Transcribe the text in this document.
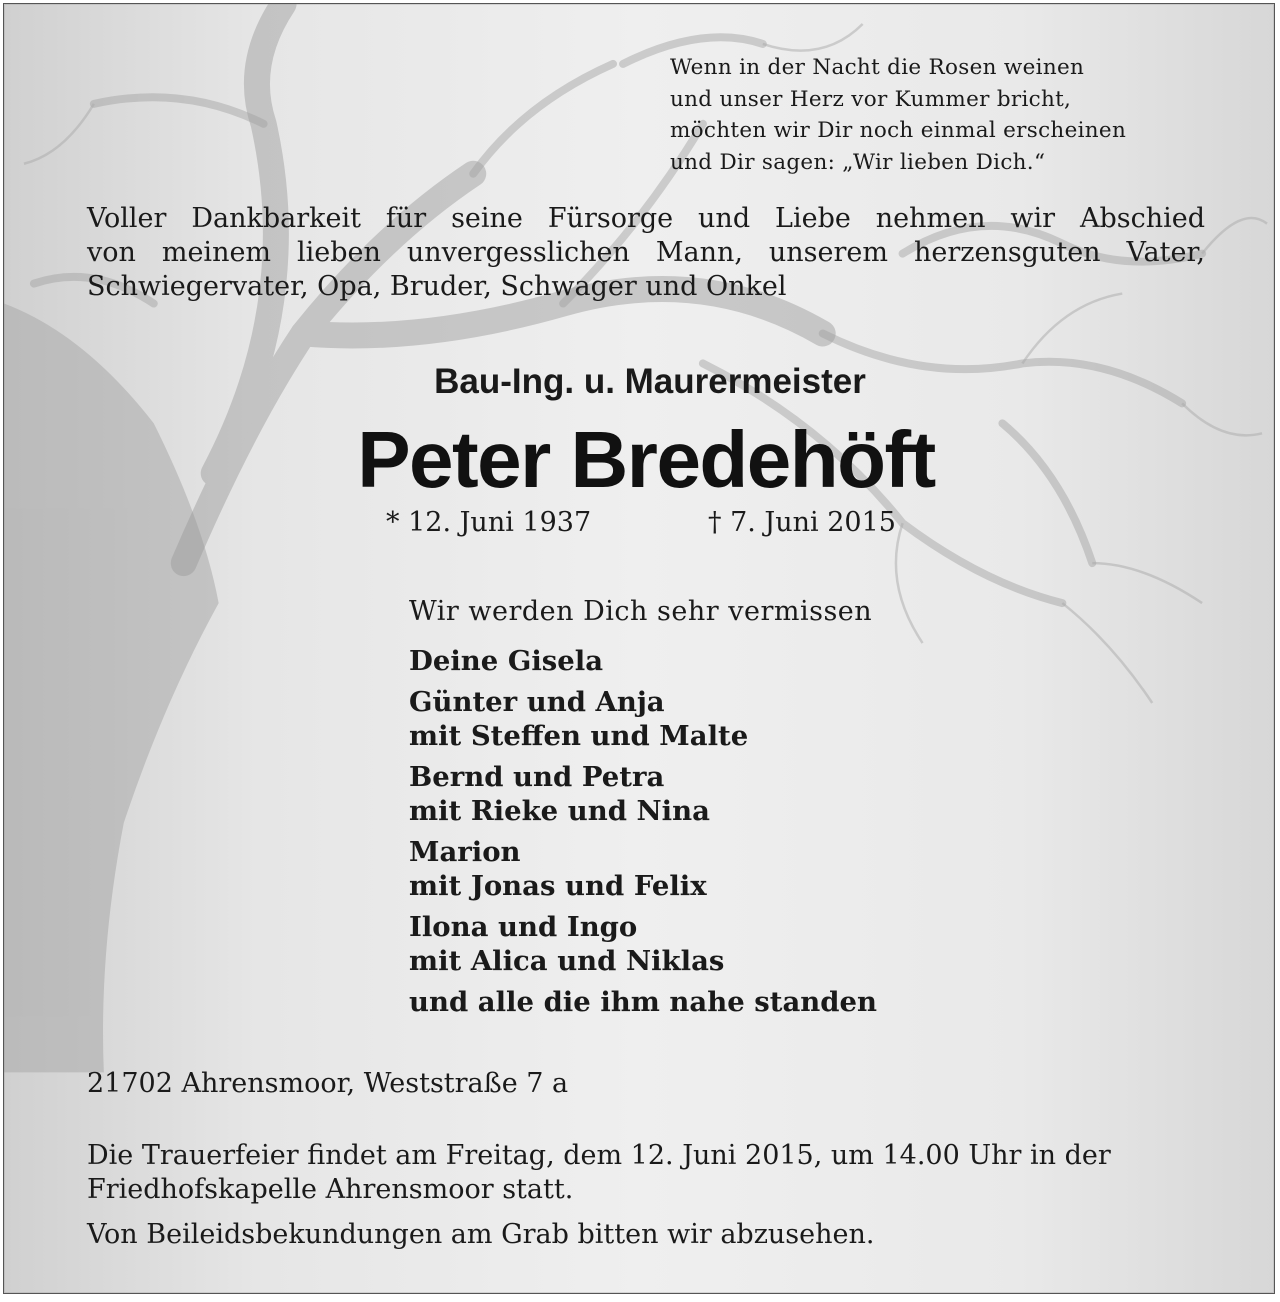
Wenn in der Nacht die Rosen weinen
und unser Herz vor Kummer bricht,
möchten wir Dir noch einmal erscheinen
und Dir sagen: „Wir lieben Dich.“
Voller Dankbarkeit für seine Fürsorge und Liebe nehmen wir Abschied
von meinem lieben unvergesslichen Mann, unserem herzensguten Vater,
Schwiegervater, Opa, Bruder, Schwager und Onkel
Bau-Ing. u. Maurermeister
Peter Bredehöft
* 12. Juni 1937	† 7. Juni 2015
Wir werden Dich sehr vermissen
Deine Gisela
Günter und Anja
mit Steffen und Malte
Bernd und Petra
mit Rieke und Nina
Marion
mit Jonas und Felix
Ilona und Ingo
mit Alica und Niklas
und alle die ihm nahe standen
21702 Ahrensmoor, Weststraße 7 a
Die Trauerfeier findet am Freitag, dem 12. Juni 2015, um 14.00 Uhr in der
Friedhofskapelle Ahrensmoor statt.
Von Beileidsbekundungen am Grab bitten wir abzusehen.
